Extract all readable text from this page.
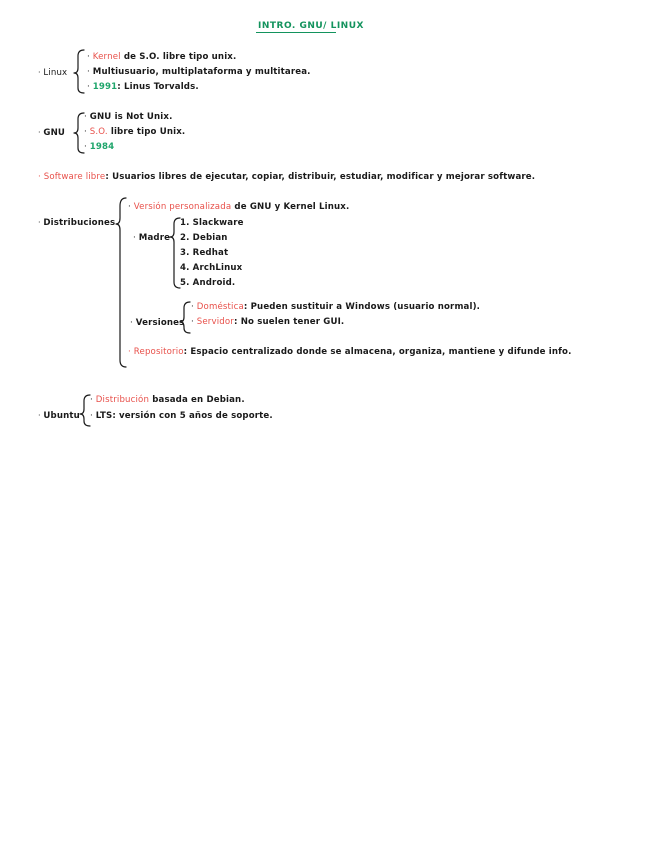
INTRO. GNU/ LINUX
· Linux
· Kernel de S.O. libre tipo unix.
· Multiusuario, multiplataforma y multitarea.
· 1991: Linus Torvalds.
· GNU
· GNU is Not Unix.
· S.O. libre tipo Unix.
· 1984
· Software libre: Usuarios libres de ejecutar, copiar, distribuir, estudiar, modificar y mejorar software.
· Distribuciones
· Versión personalizada de GNU y Kernel Linux.
· Madre
1. Slackware
2. Debian
3. Redhat
4. ArchLinux
5. Android.
· Versiones
· Doméstica: Pueden sustituir a Windows (usuario normal).
· Servidor: No suelen tener GUI.
· Repositorio: Espacio centralizado donde se almacena, organiza, mantiene y difunde info.
· Ubuntu
· Distribución basada en Debian.
· LTS: versión con 5 años de soporte.
